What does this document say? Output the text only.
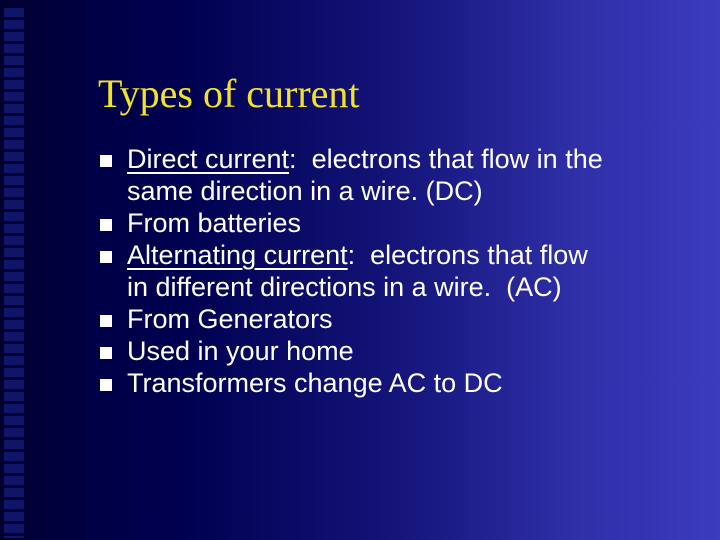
Types of current
Direct current:  electrons that flow in the
same direction in a wire. (DC)
From batteries
Alternating current:  electrons that flow
in different directions in a wire.  (AC)
From Generators
Used in your home
Transformers change AC to DC
